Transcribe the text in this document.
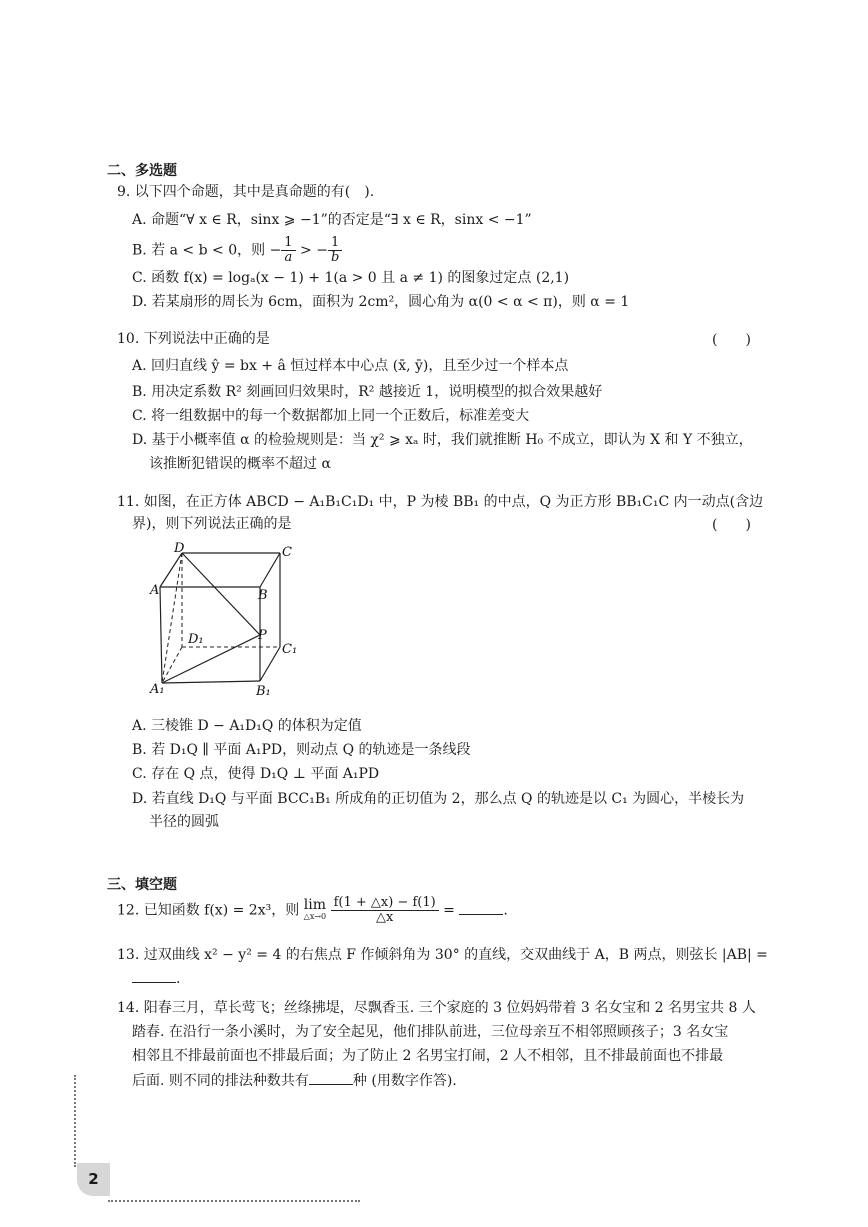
二、多选题
9. 以下四个命题，其中是真命题的有(　).
A. 命题“∀ x ∈ R，sinx ⩾ −1”的否定是“∃ x ∈ R，sinx < −1”
B. 若 a < b < 0，则 − $\frac{1}{a}$ > − $\frac{1}{b}$
C. 函数 f(x) = logₐ(x − 1) + 1(a > 0 且 a ≠ 1) 的图象过定点 (2,1)
D. 若某扇形的周长为 6cm，面积为 2cm²，圆心角为 α(0 < α < π)，则 α = 1
10. 下列说法中正确的是	(　　)
A. 回归直线 ŷ = bx + â 恒过样本中心点 (x̄, ȳ)，且至少过一个样本点
B. 用决定系数 R² 刻画回归效果时，R² 越接近 1，说明模型的拟合效果越好
C. 将一组数据中的每一个数据都加上同一个正数后，标准差变大
D. 基于小概率值 α 的检验规则是：当 χ² ⩾ xₐ 时，我们就推断 H₀ 不成立，即认为 X 和 Y 不独立，
该推断犯错误的概率不超过 α
11. 如图，在正方体 ABCD − A₁B₁C₁D₁ 中，P 为棱 BB₁ 的中点，Q 为正方形 BB₁C₁C 内一动点(含边
界)，则下列说法正确的是	(　　)
D	C
A	B
D₁	P
C₁
A₁	B₁
A. 三棱锥 D − A₁D₁Q 的体积为定值
B. 若 D₁Q ∥ 平面 A₁PD，则动点 Q 的轨迹是一条线段
C. 存在 Q 点，使得 D₁Q ⊥ 平面 A₁PD
D. 若直线 D₁Q 与平面 BCC₁B₁ 所成角的正切值为 2，那么点 Q 的轨迹是以 C₁ 为圆心，半棱长为
半径的圆弧
三、填空题
12. 已知函数 f(x) = 2x³，则 lim
△x→0
$\frac{f(1 + \triangle x) - f(1)}{\triangle x}$ =	.
13. 过双曲线 x² − y² = 4 的右焦点 F 作倾斜角为 30° 的直线，交双曲线于 A，B 两点，则弦长 |AB| =
.
14. 阳春三月，草长莺飞；丝绦拂堤，尽飘香玉. 三个家庭的 3 位妈妈带着 3 名女宝和 2 名男宝共 8 人
踏春. 在沿行一条小溪时，为了安全起见，他们排队前进，三位母亲互不相邻照顾孩子；3 名女宝
相邻且不排最前面也不排最后面；为了防止 2 名男宝打闹，2 人不相邻，且不排最前面也不排最
后面. 则不同的排法种数共有	种 (用数字作答).
2
